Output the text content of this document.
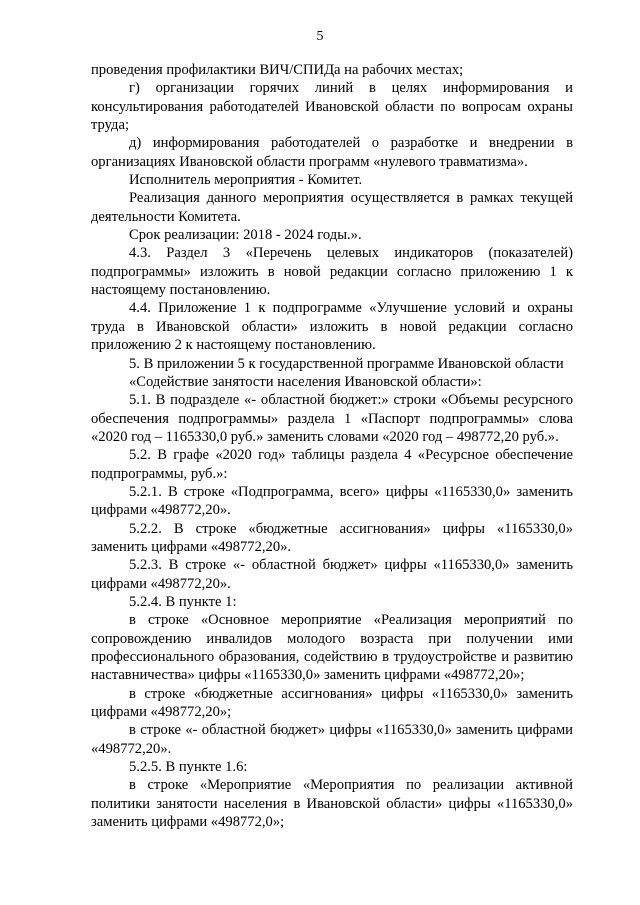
5

проведения профилактики ВИЧ/СПИДа на рабочих местах;

г) организации горячих линий в целях информирования и консультирования работодателей Ивановской области по вопросам охраны труда;

д) информирования работодателей о разработке и внедрении в организациях Ивановской области программ «нулевого травматизма».

Исполнитель мероприятия - Комитет.

Реализация данного мероприятия осуществляется в рамках текущей деятельности Комитета.

Срок реализации: 2018 - 2024 годы.».

4.3. Раздел 3 «Перечень целевых индикаторов (показателей) подпрограммы» изложить в новой редакции согласно приложению 1 к настоящему постановлению.

4.4. Приложение 1 к подпрограмме «Улучшение условий и охраны труда в Ивановской области» изложить в новой редакции согласно приложению 2 к настоящему постановлению.

5. В приложении 5 к государственной программе Ивановской области

«Содействие занятости населения Ивановской области»:

5.1. В подразделе «- областной бюджет:» строки «Объемы ресурсного обеспечения подпрограммы» раздела 1 «Паспорт подпрограммы» слова «2020 год – 1165330,0 руб.» заменить словами «2020 год – 498772,20 руб.».

5.2. В графе «2020 год» таблицы раздела 4 «Ресурсное обеспечение подпрограммы, руб.»:

5.2.1. В строке «Подпрограмма, всего» цифры «1165330,0» заменить цифрами «498772,20».

5.2.2. В строке «бюджетные ассигнования» цифры «1165330,0» заменить цифрами «498772,20».

5.2.3. В строке «- областной бюджет» цифры «1165330,0» заменить цифрами «498772,20».

5.2.4. В пункте 1:

в строке «Основное мероприятие «Реализация мероприятий по сопровождению инвалидов молодого возраста при получении ими профессионального образования, содействию в трудоустройстве и развитию наставничества» цифры «1165330,0» заменить цифрами «498772,20»;

в строке «бюджетные ассигнования» цифры «1165330,0» заменить цифрами «498772,20»;

в строке «- областной бюджет» цифры «1165330,0» заменить цифрами «498772,20».

5.2.5. В пункте 1.6:

в строке «Мероприятие «Мероприятия по реализации активной политики занятости населения в Ивановской области» цифры «1165330,0» заменить цифрами «498772,0»;
